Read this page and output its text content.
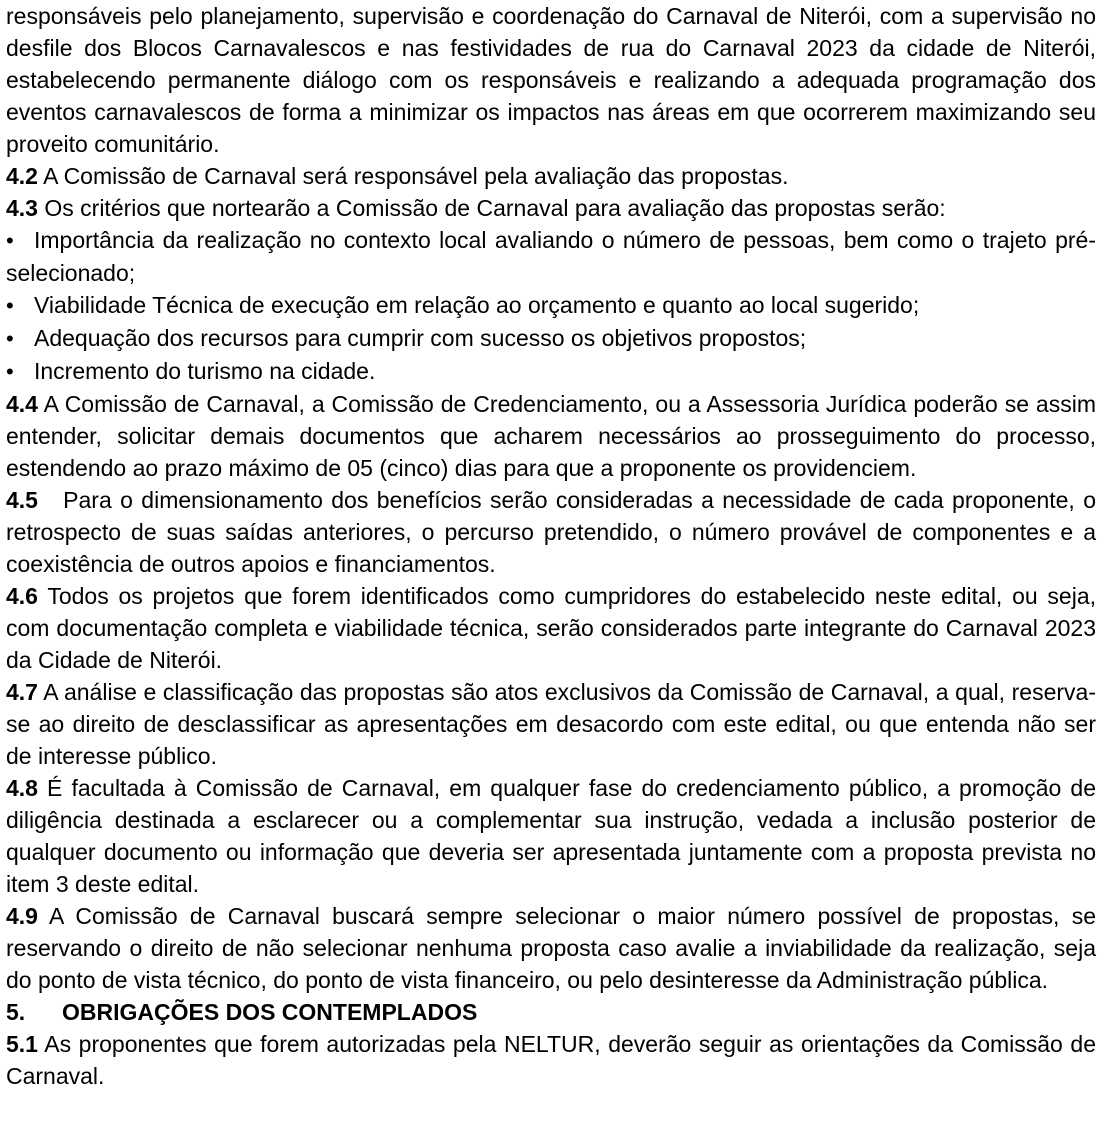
responsáveis pelo planejamento, supervisão e coordenação do Carnaval de Niterói, com a supervisão no desfile dos Blocos Carnavalescos e nas festividades de rua do Carnaval 2023 da cidade de Niterói, estabelecendo permanente diálogo com os responsáveis e realizando a adequada programação dos eventos carnavalescos de forma a minimizar os impactos nas áreas em que ocorrerem maximizando seu proveito comunitário.

4.2 A Comissão de Carnaval será responsável pela avaliação das propostas.

4.3 Os critérios que nortearão a Comissão de Carnaval para avaliação das propostas serão:

• Importância da realização no contexto local avaliando o número de pessoas, bem como o trajeto pré-selecionado;

• Viabilidade Técnica de execução em relação ao orçamento e quanto ao local sugerido;

• Adequação dos recursos para cumprir com sucesso os objetivos propostos;

• Incremento do turismo na cidade.

4.4 A Comissão de Carnaval, a Comissão de Credenciamento, ou a Assessoria Jurídica poderão se assim entender, solicitar demais documentos que acharem necessários ao prosseguimento do processo, estendendo ao prazo máximo de 05 (cinco) dias para que a proponente os providenciem.

4.5   Para o dimensionamento dos benefícios serão consideradas a necessidade de cada proponente, o retrospecto de suas saídas anteriores, o percurso pretendido, o número provável de componentes e a coexistência de outros apoios e financiamentos.

4.6 Todos os projetos que forem identificados como cumpridores do estabelecido neste edital, ou seja, com documentação completa e viabilidade técnica, serão considerados parte integrante do Carnaval 2023 da Cidade de Niterói.

4.7 A análise e classificação das propostas são atos exclusivos da Comissão de Carnaval, a qual, reserva-se ao direito de desclassificar as apresentações em desacordo com este edital, ou que entenda não ser de interesse público.

4.8 É facultada à Comissão de Carnaval, em qualquer fase do credenciamento público, a promoção de diligência destinada a esclarecer ou a complementar sua instrução, vedada a inclusão posterior de qualquer documento ou informação que deveria ser apresentada juntamente com a proposta prevista no item 3 deste edital.

4.9 A Comissão de Carnaval buscará sempre selecionar o maior número possível de propostas, se reservando o direito de não selecionar nenhuma proposta caso avalie a inviabilidade da realização, seja do ponto de vista técnico, do ponto de vista financeiro, ou pelo desinteresse da Administração pública.

5. OBRIGAÇÕES DOS CONTEMPLADOS

5.1 As proponentes que forem autorizadas pela NELTUR, deverão seguir as orientações da Comissão de Carnaval.
